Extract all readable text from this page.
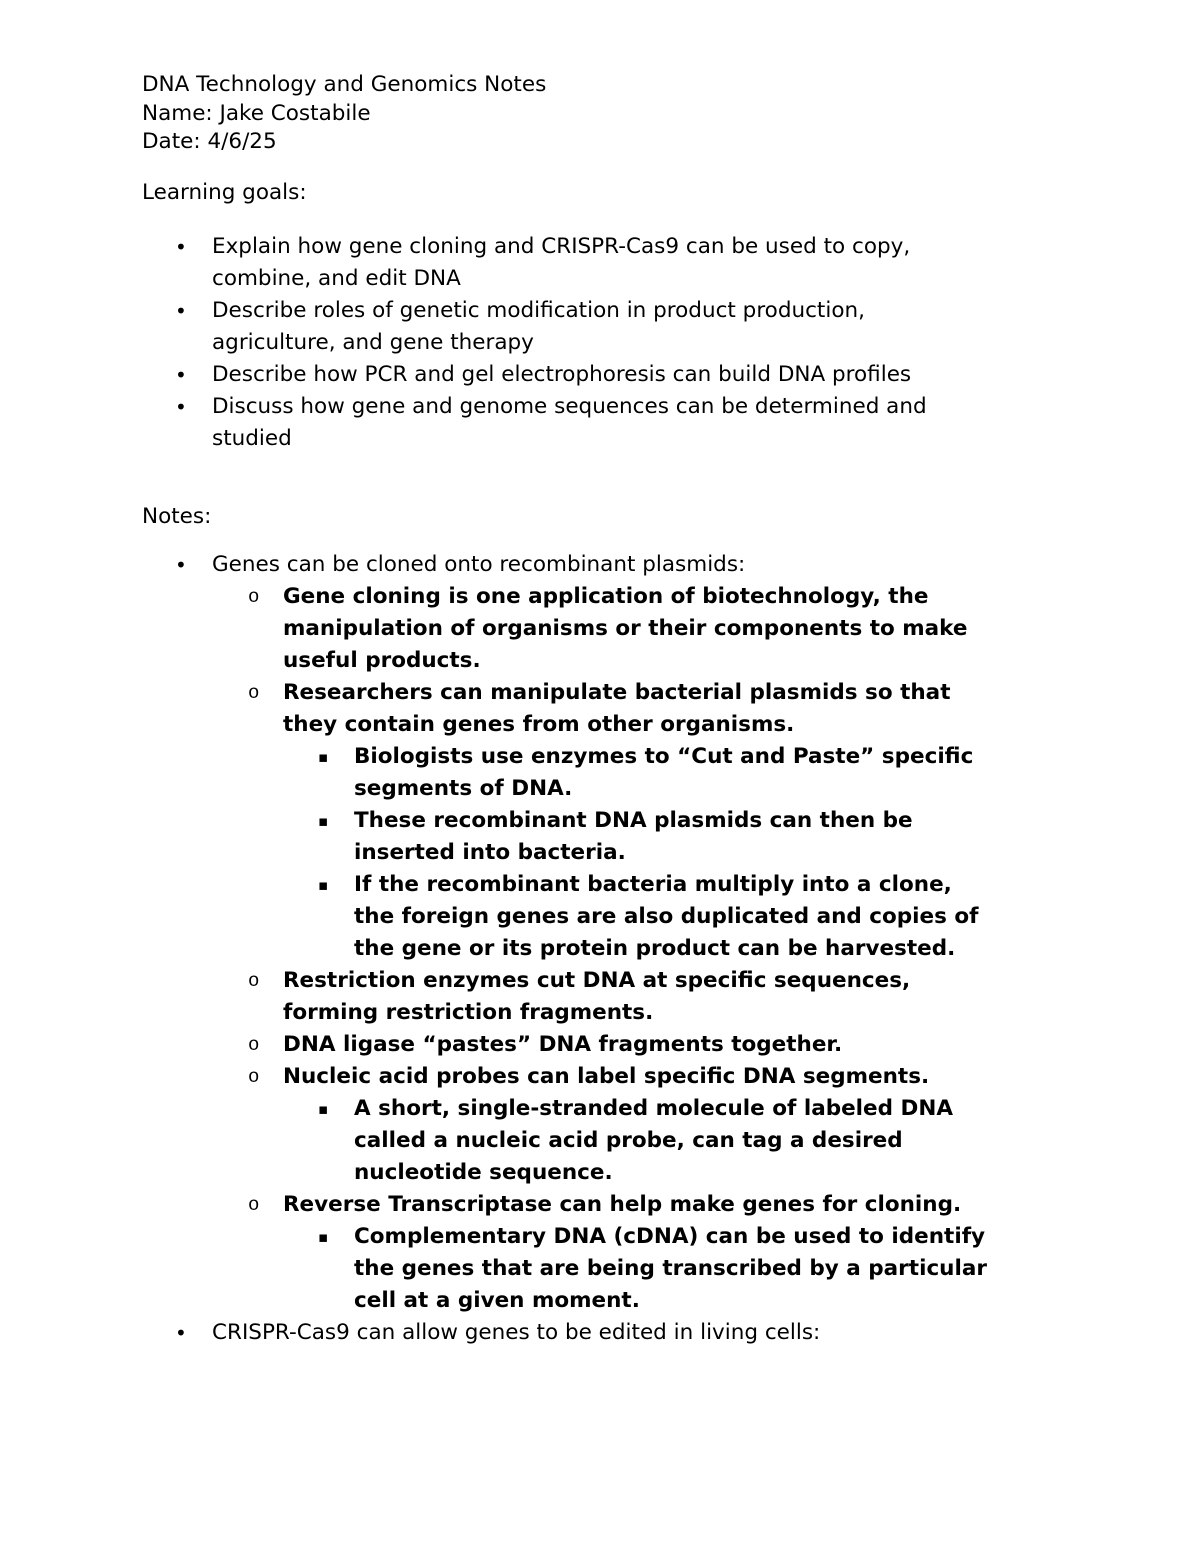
DNA Technology and Genomics Notes
Name: Jake Costabile
Date: 4/6/25
Learning goals:
• Explain how gene cloning and CRISPR-Cas9 can be used to copy,
combine, and edit DNA
• Describe roles of genetic modification in product production,
agriculture, and gene therapy
• Describe how PCR and gel electrophoresis can build DNA profiles
• Discuss how gene and genome sequences can be determined and
studied
Notes:
• Genes can be cloned onto recombinant plasmids:
o Gene cloning is one application of biotechnology, the
manipulation of organisms or their components to make
useful products.
o Researchers can manipulate bacterial plasmids so that
they contain genes from other organisms.
▪ Biologists use enzymes to “Cut and Paste” specific
segments of DNA.
▪ These recombinant DNA plasmids can then be
inserted into bacteria.
▪ If the recombinant bacteria multiply into a clone,
the foreign genes are also duplicated and copies of
the gene or its protein product can be harvested.
o Restriction enzymes cut DNA at specific sequences,
forming restriction fragments.
o DNA ligase “pastes” DNA fragments together.
o Nucleic acid probes can label specific DNA segments.
▪ A short, single-stranded molecule of labeled DNA
called a nucleic acid probe, can tag a desired
nucleotide sequence.
o Reverse Transcriptase can help make genes for cloning.
▪ Complementary DNA (cDNA) can be used to identify
the genes that are being transcribed by a particular
cell at a given moment.
• CRISPR-Cas9 can allow genes to be edited in living cells:
